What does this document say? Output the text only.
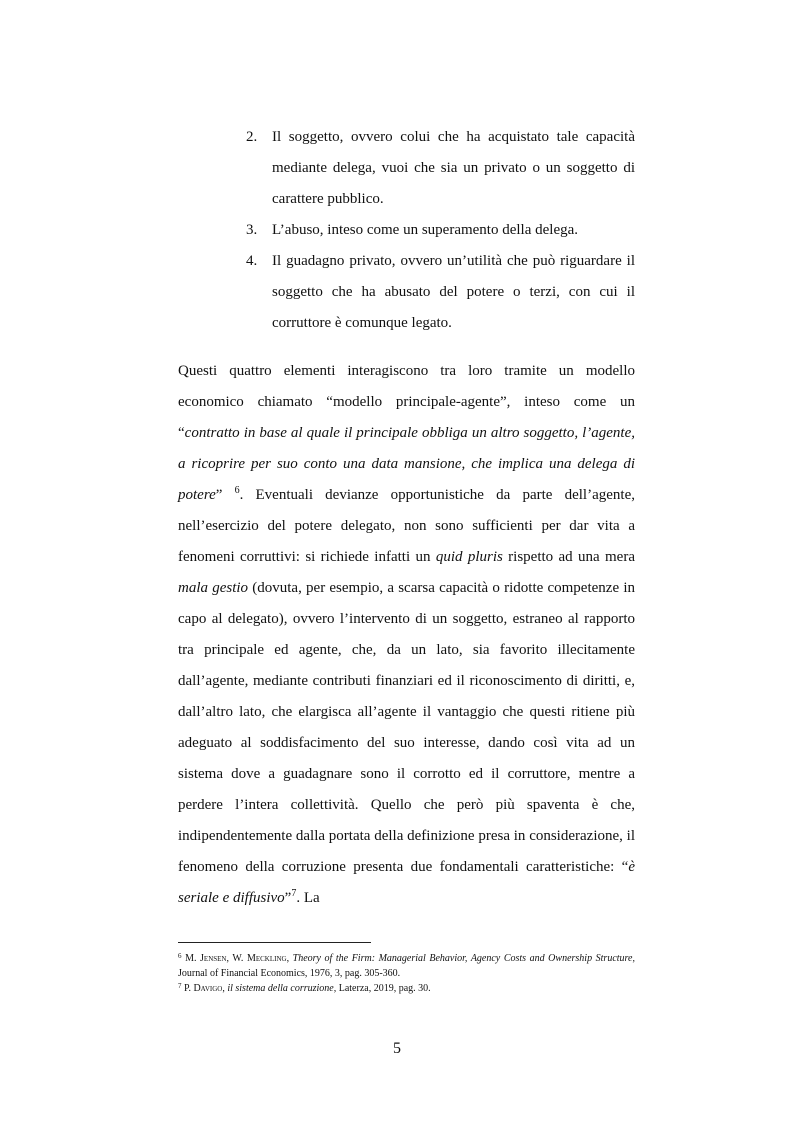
2. Il soggetto, ovvero colui che ha acquistato tale capacità mediante delega, vuoi che sia un privato o un soggetto di carattere pubblico.
3. L’abuso, inteso come un superamento della delega.
4. Il guadagno privato, ovvero un’utilità che può riguardare il soggetto che ha abusato del potere o terzi, con cui il corruttore è comunque legato.

Questi quattro elementi interagiscono tra loro tramite un modello economico chiamato “modello principale-agente”, inteso come un “contratto in base al quale il principale obbliga un altro soggetto, l’agente, a ricoprire per suo conto una data mansione, che implica una delega di potere” $^6$. Eventuali devianze opportunistiche da parte dell’agente, nell’esercizio del potere delegato, non sono sufficienti per dar vita a fenomeni corruttivi: si richiede infatti un quid pluris rispetto ad una mera mala gestio (dovuta, per esempio, a scarsa capacità o ridotte competenze in capo al delegato), ovvero l’intervento di un soggetto, estraneo al rapporto tra principale ed agente, che, da un lato, sia favorito illecitamente dall’agente, mediante contributi finanziari ed il riconoscimento di diritti, e, dall’altro lato, che elargisca all’agente il vantaggio che questi ritiene più adeguato al soddisfacimento del suo interesse, dando così vita ad un sistema dove a guadagnare sono il corrotto ed il corruttore, mentre a perdere l’intera collettività. Quello che però più spaventa è che, indipendentemente dalla portata della definizione presa in considerazione, il fenomeno della corruzione presenta due fondamentali caratteristiche: “è seriale e diffusivo”$^7$. La

$^6$ M. Jensen, W. Meckling, Theory of the Firm: Managerial Behavior, Agency Costs and Ownership Structure, Journal of Financial Economics, 1976, 3, pag. 305-360.

$^7$ P. Davigo, il sistema della corruzione, Laterza, 2019, pag. 30.

5
